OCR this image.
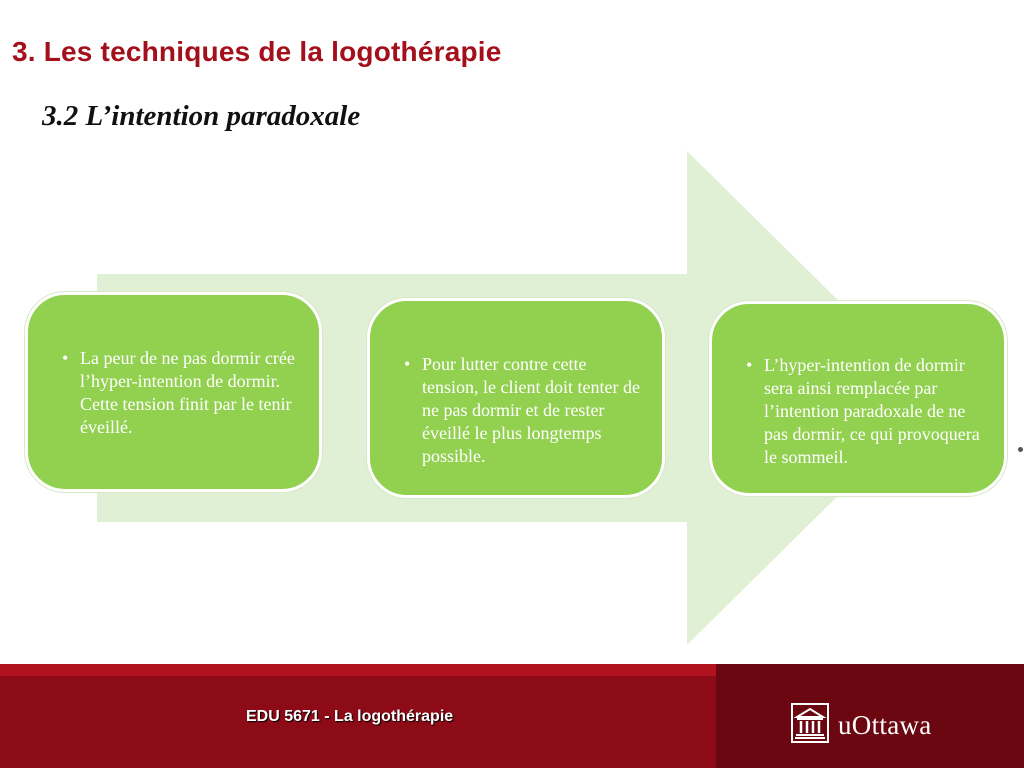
3. Les techniques de la logothérapie
3.2 L’intention paradoxale
• La peur de ne pas dormir crée l’hyper-intention de dormir. Cette tension finit par le tenir éveillé.
• Pour lutter contre cette tension, le client doit tenter de ne pas dormir et de rester éveillé le plus longtemps possible.
• L’hyper-intention de dormir sera ainsi remplacée par l’intention paradoxale de ne pas dormir, ce qui provoquera le sommeil.
EDU 5671 - La logothérapie	uOttawa
